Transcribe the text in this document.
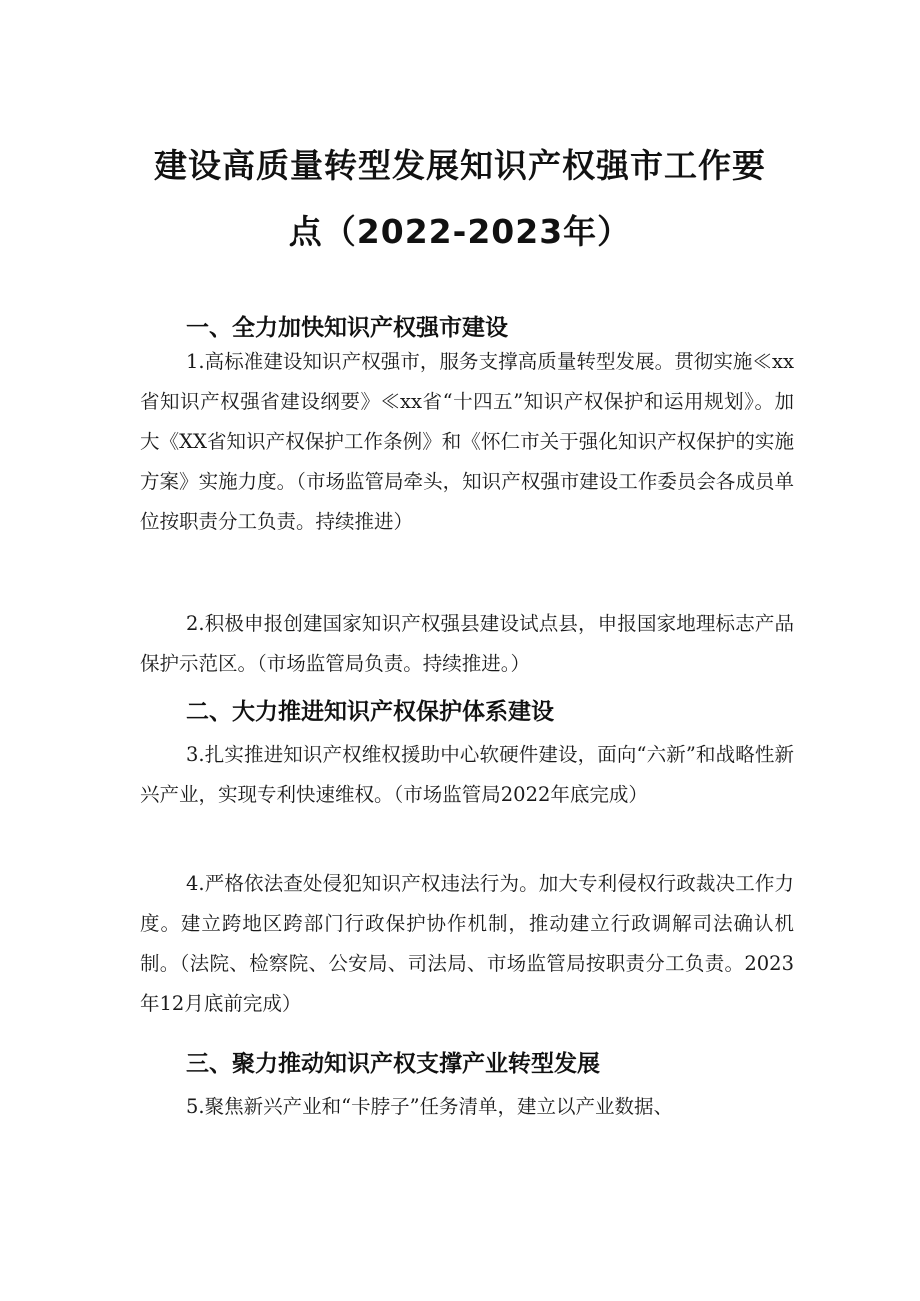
建设高质量转型发展知识产权强市工作要
点（2022-2023年）
一、全力加快知识产权强市建设
1.高标准建设知识产权强市，服务支撑高质量转型发展。贯彻实施≪xx省知识产权强省建设纲要》≪xx省“十四五”知识产权保护和运用规划》。加大《XX省知识产权保护工作条例》和《怀仁市关于强化知识产权保护的实施方案》实施力度。（市场监管局牵头，知识产权强市建设工作委员会各成员单位按职责分工负责。持续推进）
2.积极申报创建国家知识产权强县建设试点县，申报国家地理标志产品保护示范区。（市场监管局负责。持续推进。）
二、大力推进知识产权保护体系建设
3.扎实推进知识产权维权援助中心软硬件建设，面向“六新”和战略性新兴产业，实现专利快速维权。（市场监管局2022年底完成）
4.严格依法查处侵犯知识产权违法行为。加大专利侵权行政裁决工作力度。建立跨地区跨部门行政保护协作机制，推动建立行政调解司法确认机制。（法院、检察院、公安局、司法局、市场监管局按职责分工负责。2023年12月底前完成）
三、聚力推动知识产权支撑产业转型发展
5.聚焦新兴产业和“卡脖子”任务清单，建立以产业数据、
